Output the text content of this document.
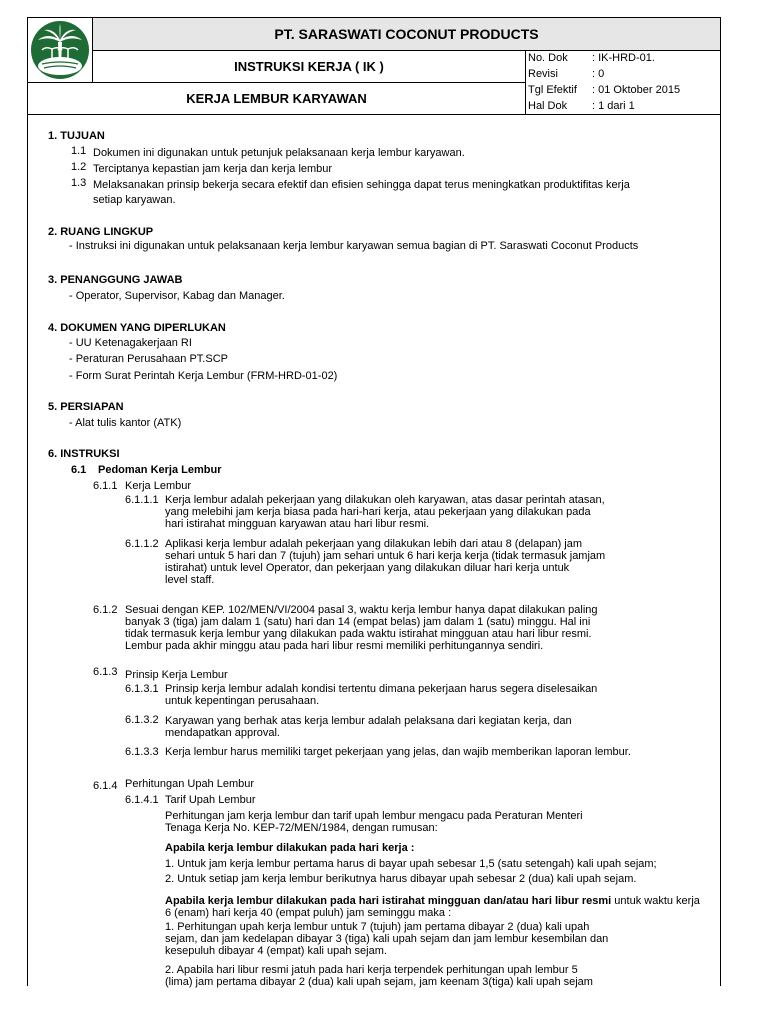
PT. SARASWATI COCONUT PRODUCTS
INSTRUKSI KERJA ( IK )
KERJA LEMBUR KARYAWAN
No. Dok	: IK-HRD-01.
Revisi	: 0
Tgl Efektif	: 01 Oktober 2015
Hal Dok	: 1 dari 1
1. TUJUAN
1.1 Dokumen ini digunakan untuk petunjuk pelaksanaan kerja lembur karyawan.
1.2 Terciptanya kepastian jam kerja dan kerja lembur
1.3 Melaksanakan prinsip bekerja secara efektif dan efisien sehingga dapat terus meningkatkan produktifitas kerja
setiap karyawan.
2. RUANG LINGKUP
- Instruksi ini digunakan untuk pelaksanaan kerja lembur karyawan semua bagian di PT. Saraswati Coconut Products
3. PENANGGUNG JAWAB
- Operator, Supervisor, Kabag dan Manager.
4. DOKUMEN YANG DIPERLUKAN
- UU Ketenagakerjaan RI
- Peraturan Perusahaan PT.SCP
- Form Surat Perintah Kerja Lembur (FRM-HRD-01-02)
5. PERSIAPAN
- Alat tulis kantor (ATK)
6. INSTRUKSI
6.1 Pedoman Kerja Lembur
6.1.1 Kerja Lembur
6.1.1.1 Kerja lembur adalah pekerjaan yang dilakukan oleh karyawan, atas dasar perintah atasan,
yang melebihi jam kerja biasa pada hari-hari kerja, atau pekerjaan yang dilakukan pada
hari istirahat mingguan karyawan atau hari libur resmi.
6.1.1.2 Aplikasi kerja lembur adalah pekerjaan yang dilakukan lebih dari atau 8 (delapan) jam
sehari untuk 5 hari dan 7 (tujuh) jam sehari untuk 6 hari kerja kerja (tidak termasuk jamjam
istirahat) untuk level Operator, dan pekerjaan yang dilakukan diluar hari kerja untuk
level staff.
6.1.2 Sesuai dengan KEP. 102/MEN/VI/2004 pasal 3, waktu kerja lembur hanya dapat dilakukan paling
banyak 3 (tiga) jam dalam 1 (satu) hari dan 14 (empat belas) jam dalam 1 (satu) minggu. Hal ini
tidak termasuk kerja lembur yang dilakukan pada waktu istirahat mingguan atau hari libur resmi.
Lembur pada akhir minggu atau pada hari libur resmi memiliki perhitungannya sendiri.
6.1.3 Prinsip Kerja Lembur
6.1.3.1 Prinsip kerja lembur adalah kondisi tertentu dimana pekerjaan harus segera diselesaikan
untuk kepentingan perusahaan.
6.1.3.2 Karyawan yang berhak atas kerja lembur adalah pelaksana dari kegiatan kerja, dan
mendapatkan approval.
6.1.3.3 Kerja lembur harus memiliki target pekerjaan yang jelas, dan wajib memberikan laporan lembur.
6.1.4 Perhitungan Upah Lembur
6.1.4.1 Tarif Upah Lembur
Perhitungan jam kerja lembur dan tarif upah lembur mengacu pada Peraturan Menteri
Tenaga Kerja No. KEP-72/MEN/1984, dengan rumusan:
Apabila kerja lembur dilakukan pada hari kerja :
1. Untuk jam kerja lembur pertama harus di bayar upah sebesar 1,5 (satu setengah) kali upah sejam;
2. Untuk setiap jam kerja lembur berikutnya harus dibayar upah sebesar 2 (dua) kali upah sejam.
Apabila kerja lembur dilakukan pada hari istirahat mingguan dan/atau hari libur resmi untuk waktu kerja
6 (enam) hari kerja 40 (empat puluh) jam seminggu maka :
1. Perhitungan upah kerja lembur untuk 7 (tujuh) jam pertama dibayar 2 (dua) kali upah
sejam, dan jam kedelapan dibayar 3 (tiga) kali upah sejam dan jam lembur kesembilan dan
kesepuluh dibayar 4 (empat) kali upah sejam.
2. Apabila hari libur resmi jatuh pada hari kerja terpendek perhitungan upah lembur 5
(lima) jam pertama dibayar 2 (dua) kali upah sejam, jam keenam 3(tiga) kali upah sejam
